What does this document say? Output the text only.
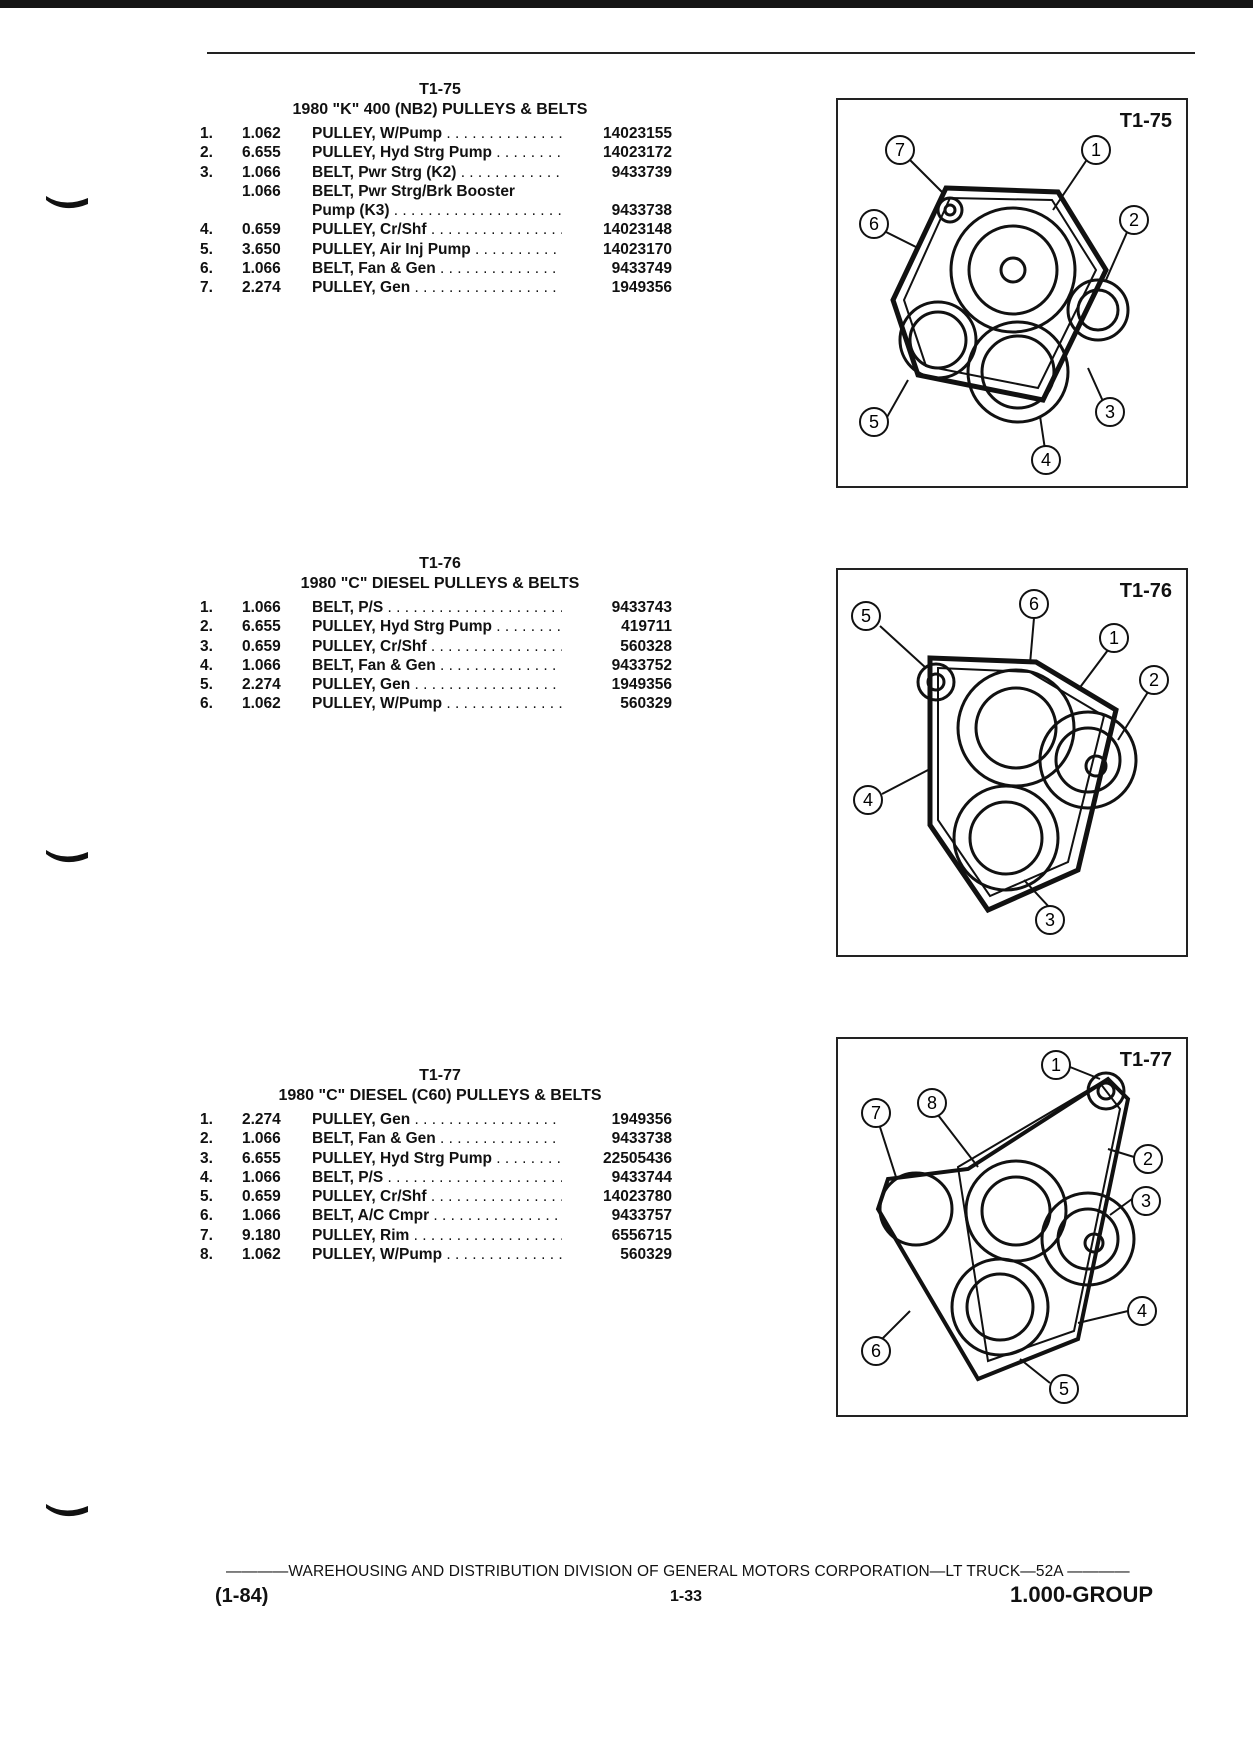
T1-75
1980 "K" 400 (NB2) PULLEYS & BELTS
1.	1.062	PULLEY, W/Pump . . .	14023155
2.	6.655	PULLEY, Hyd Strg Pump . . .	14023172
3.	1.066	BELT, Pwr Strg (K2) . . .	9433739
1.066	BELT, Pwr Strg/Brk Booster
Pump (K3) . . .	9433738
4.	0.659	PULLEY, Cr/Shf . . .	14023148
5.	3.650	PULLEY, Air Inj Pump . . .	14023170
6.	1.066	BELT, Fan & Gen . . .	9433749
7.	2.274	PULLEY, Gen . . .	1949356
T1-76
1980 "C" DIESEL PULLEYS & BELTS
1.	1.066	BELT, P/S . . .	9433743
2.	6.655	PULLEY, Hyd Strg Pump . . .	419711
3.	0.659	PULLEY, Cr/Shf . . .	560328
4.	1.066	BELT, Fan & Gen . . .	9433752
5.	2.274	PULLEY, Gen . . .	1949356
6.	1.062	PULLEY, W/Pump . . .	560329
T1-77
1980 "C" DIESEL (C60) PULLEYS & BELTS
1.	2.274	PULLEY, Gen . . .	1949356
2.	1.066	BELT, Fan & Gen . . .	9433738
3.	6.655	PULLEY, Hyd Strg Pump . . .	22505436
4.	1.066	BELT, P/S . . .	9433744
5.	0.659	PULLEY, Cr/Shf . . .	14023780
6.	1.066	BELT, A/C Cmpr . . .	9433757
7.	9.180	PULLEY, Rim . . .	6556715
8.	1.062	PULLEY, W/Pump . . .	560329
T1-75
7	1
2
6
3
5
4
T1-76
6
5
1
2
4
3
T1-77
1
7	8
2
3
4
6
5
————WAREHOUSING AND DISTRIBUTION DIVISION OF GENERAL MOTORS CORPORATION—LT TRUCK—52A ————
(1-84)	1-33	1.000-GROUP
